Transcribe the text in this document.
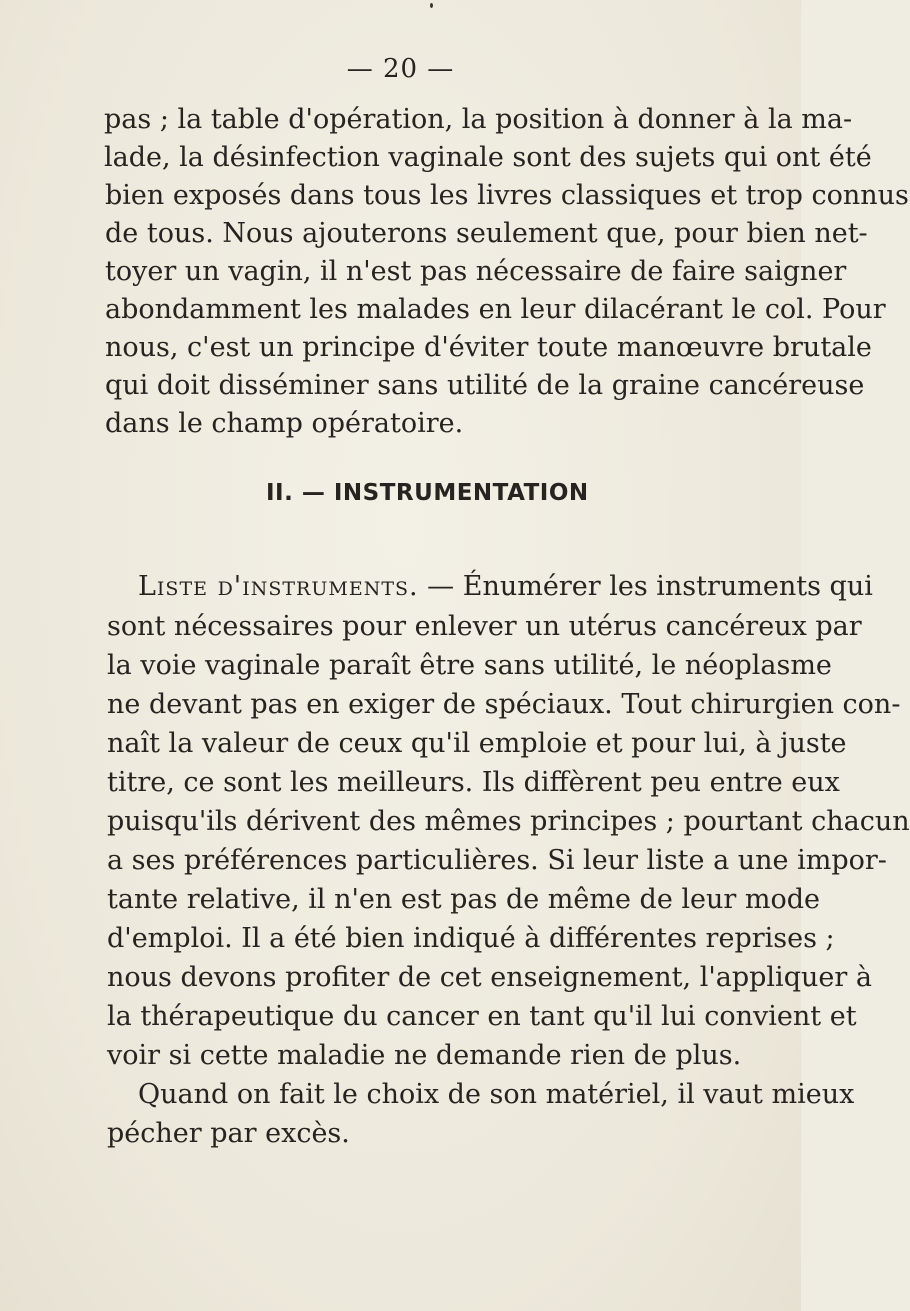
— 20 —
pas ; la table d'opération, la position à donner à la ma-
lade, la désinfection vaginale sont des sujets qui ont été
bien exposés dans tous les livres classiques et trop connus
de tous. Nous ajouterons seulement que, pour bien net-
toyer un vagin, il n'est pas nécessaire de faire saigner
abondamment les malades en leur dilacérant le col. Pour
nous, c'est un principe d'éviter toute manœuvre brutale
qui doit disséminer sans utilité de la graine cancéreuse
dans le champ opératoire.
II. — INSTRUMENTATION
Liste d'instruments. — Énumérer les instruments qui
sont nécessaires pour enlever un utérus cancéreux par
la voie vaginale paraît être sans utilité, le néoplasme
ne devant pas en exiger de spéciaux. Tout chirurgien con-
naît la valeur de ceux qu'il emploie et pour lui, à juste
titre, ce sont les meilleurs. Ils diffèrent peu entre eux
puisqu'ils dérivent des mêmes principes ; pourtant chacun
a ses préférences particulières. Si leur liste a une impor-
tante relative, il n'en est pas de même de leur mode
d'emploi. Il a été bien indiqué à différentes reprises ;
nous devons profiter de cet enseignement, l'appliquer à
la thérapeutique du cancer en tant qu'il lui convient et
voir si cette maladie ne demande rien de plus.
Quand on fait le choix de son matériel, il vaut mieux
pécher par excès.
